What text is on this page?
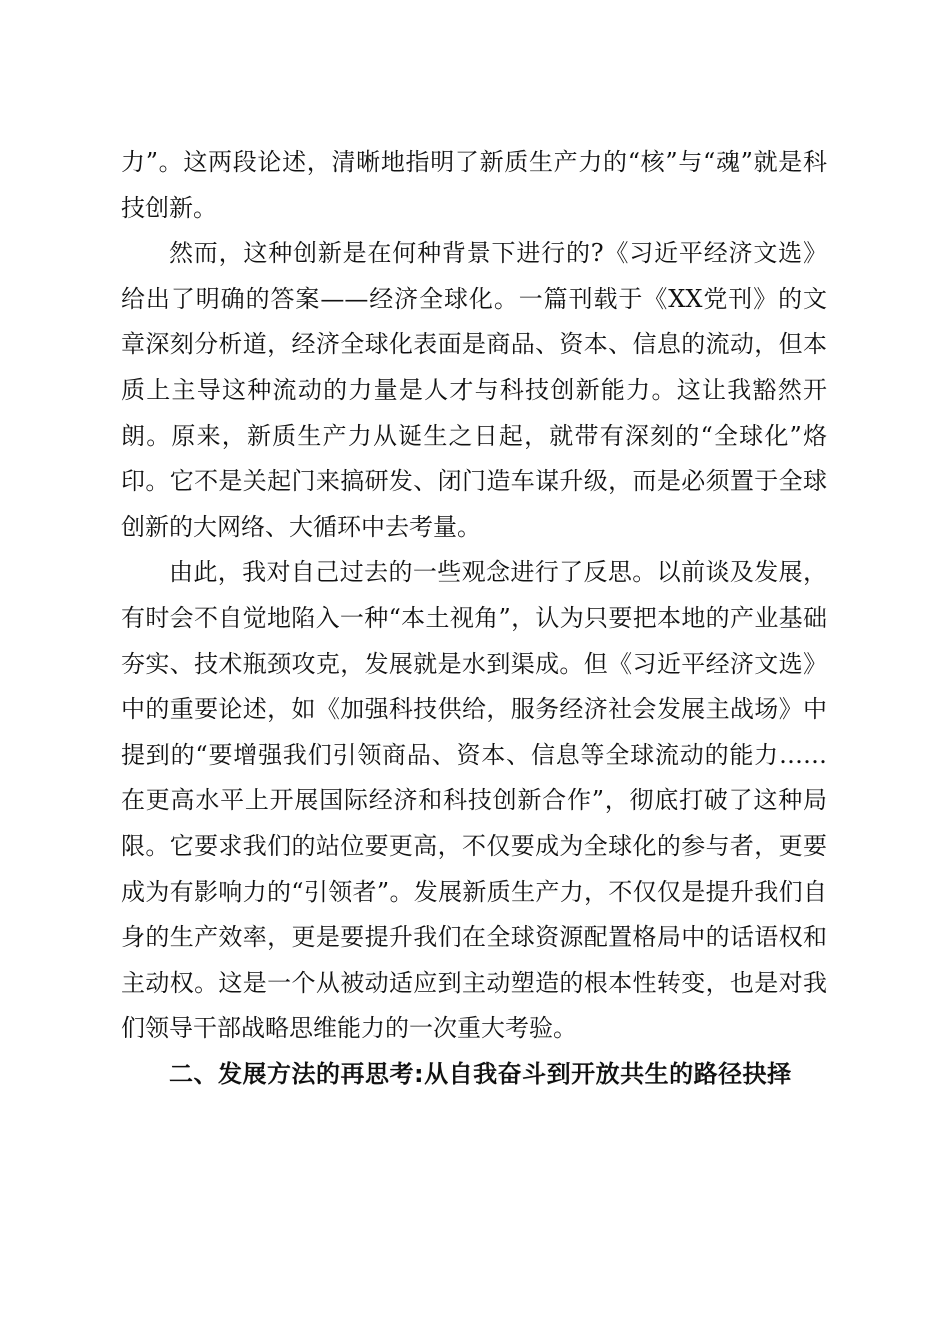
力”。这两段论述，清晰地指明了新质生产力的“核”与“魂”就是科技创新。

然而，这种创新是在何种背景下进行的?《习近平经济文选》给出了明确的答案——经济全球化。一篇刊载于《XX党刊》的文章深刻分析道，经济全球化表面是商品、资本、信息的流动，但本质上主导这种流动的力量是人才与科技创新能力。这让我豁然开朗。原来，新质生产力从诞生之日起，就带有深刻的“全球化”烙印。它不是关起门来搞研发、闭门造车谋升级，而是必须置于全球创新的大网络、大循环中去考量。

由此，我对自己过去的一些观念进行了反思。以前谈及发展，有时会不自觉地陷入一种“本土视角”，认为只要把本地的产业基础夯实、技术瓶颈攻克，发展就是水到渠成。但《习近平经济文选》中的重要论述，如《加强科技供给，服务经济社会发展主战场》中提到的“要增强我们引领商品、资本、信息等全球流动的能力……在更高水平上开展国际经济和科技创新合作”，彻底打破了这种局限。它要求我们的站位要更高，不仅要成为全球化的参与者，更要成为有影响力的“引领者”。发展新质生产力，不仅仅是提升我们自身的生产效率，更是要提升我们在全球资源配置格局中的话语权和主动权。这是一个从被动适应到主动塑造的根本性转变，也是对我们领导干部战略思维能力的一次重大考验。

二、发展方法的再思考:从自我奋斗到开放共生的路径抉择
